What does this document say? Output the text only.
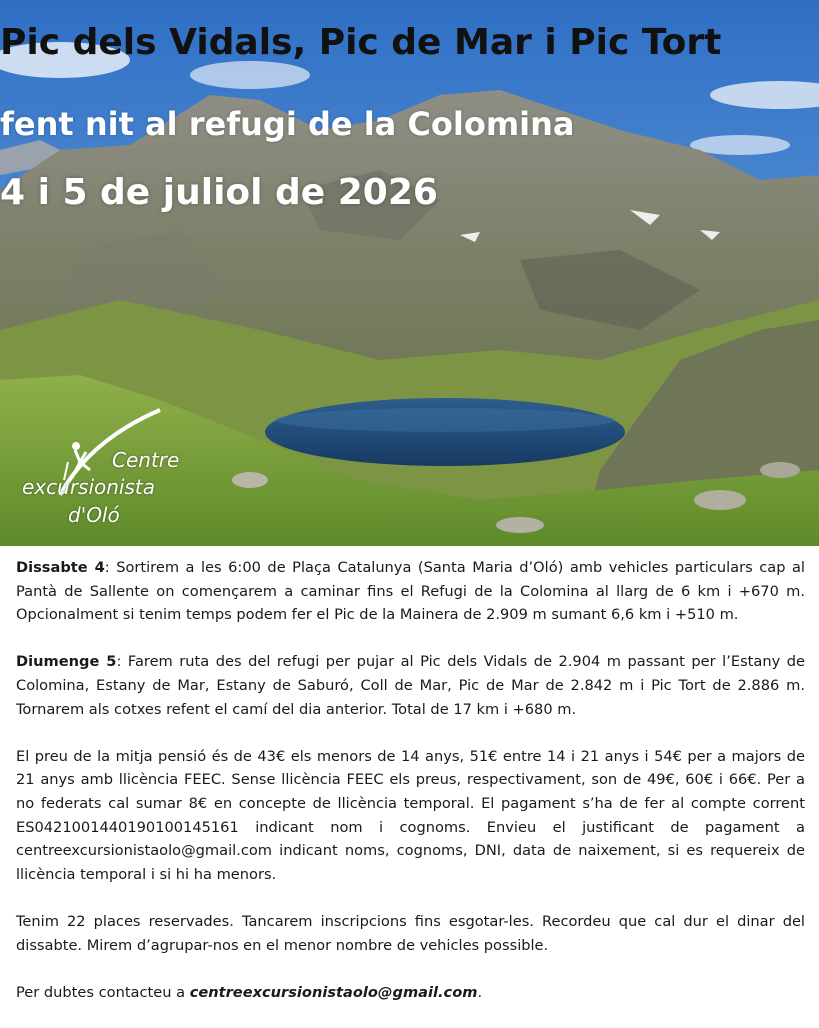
Pic dels Vidals, Pic de Mar i Pic Tort
fent nit al refugi de la Colomina
4 i 5 de juliol de 2026
Centre
excursionista
d'Oló

Dissabte 4: Sortirem a les 6:00 de Plaça Catalunya (Santa Maria d’Oló) amb vehicles particulars cap al Pantà de Sallente on començarem a caminar fins el Refugi de la Colomina al llarg de 6 km i +670 m. Opcionalment si tenim temps podem fer el Pic de la Mainera de 2.909 m sumant 6,6 km i +510 m.

Diumenge 5: Farem ruta des del refugi per pujar al Pic dels Vidals de 2.904 m passant per l’Estany de Colomina, Estany de Mar, Estany de Saburó, Coll de Mar, Pic de Mar de 2.842 m i Pic Tort de 2.886 m. Tornarem als cotxes refent el camí del dia anterior. Total de 17 km i +680 m.

El preu de la mitja pensió és de 43€ els menors de 14 anys, 51€ entre 14 i 21 anys i 54€ per a majors de 21 anys amb llicència FEEC. Sense llicència FEEC els preus, respectivament, son de 49€, 60€ i 66€. Per a no federats cal sumar 8€ en concepte de llicència temporal. El pagament s’ha de fer al compte corrent ES0421001440190100145161 indicant nom i cognoms. Envieu el justificant de pagament a centreexcursionistaolo@gmail.com indicant noms, cognoms, DNI, data de naixement, si es requereix de llicència temporal i si hi ha menors.

Tenim 22 places reservades. Tancarem inscripcions fins esgotar-les. Recordeu que cal dur el dinar del dissabte. Mirem d’agrupar-nos en el menor nombre de vehicles possible.

Per dubtes contacteu a centreexcursionistaolo@gmail.com.
